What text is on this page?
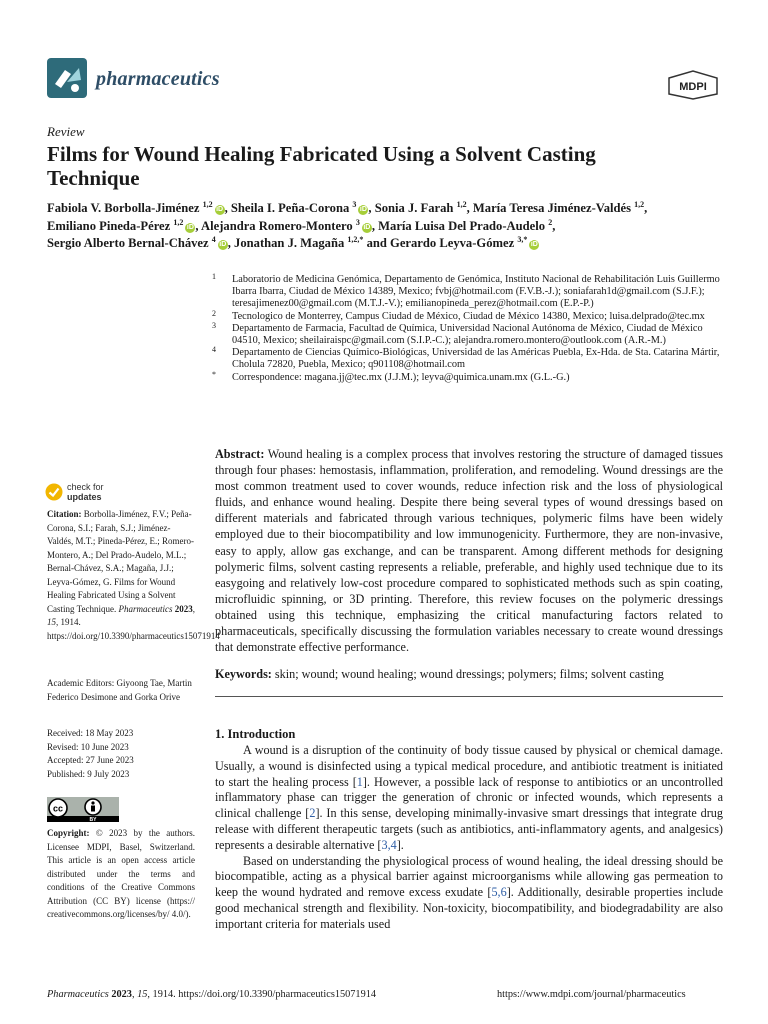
pharmaceutics	MDPI
Review
Films for Wound Healing Fabricated Using a Solvent Casting Technique
Fabiola V. Borbolla-Jiménez $^{1,2}$iD , Sheila I. Peña-Corona $^3$iD , Sonia J. Farah $^{1,2}$, María Teresa Jiménez-Valdés $^{1,2}$,
Emiliano Pineda-Pérez $^{1,2}$iD , Alejandra Romero-Montero $^3$iD , María Luisa Del Prado-Audelo $^2$,
Sergio Alberto Bernal-Chávez $^4$iD , Jonathan J. Magaña $^{1,2,*}$ and Gerardo Leyva-Gómez $^{3,*}$iD

1 Laboratorio de Medicina Genómica, Departamento de Genómica, Instituto Nacional de Rehabilitación Luis Guillermo Ibarra Ibarra, Ciudad de México 14389, Mexico; fvbj@hotmail.com (F.V.B.-J.); soniafarah1d@gmail.com (S.J.F.); teresajimenez00@gmail.com (M.T.J.-V.); emilianopineda_perez@hotmail.com (E.P.-P.)

2 Tecnologico de Monterrey, Campus Ciudad de México, Ciudad de México 14380, Mexico; luisa.delprado@tec.mx

3 Departamento de Farmacia, Facultad de Química, Universidad Nacional Autónoma de México, Ciudad de México 04510, Mexico; sheilairaispc@gmail.com (S.I.P.-C.); alejandra.romero.montero@outlook.com (A.R.-M.)

4 Departamento de Ciencias Químico-Biológicas, Universidad de las Américas Puebla, Ex-Hda. de Sta. Catarina Mártir, Cholula 72820, Puebla, Mexico; q901108@hotmail.com

* Correspondence: magana.jj@tec.mx (J.J.M.); leyva@quimica.unam.mx (G.L.-G.)

Abstract: Wound healing is a complex process that involves restoring the structure of damaged tissues through four phases: hemostasis, inflammation, proliferation, and remodeling. Wound dressings are the most common treatment used to cover wounds, reduce infection risk and the loss of physiological fluids, and enhance wound healing. Despite there being several types of wound dressings based on different materials and fabricated through various techniques, polymeric films have been widely employed due to their biocompatibility and low immunogenicity. Furthermore, they are non-invasive, easy to apply, allow gas exchange, and can be transparent. Among different methods for designing polymeric films, solvent casting represents a reliable, preferable, and highly used technique due to its easygoing and relatively low-cost procedure compared to sophisticated methods such as spin coating, microfluidic spinning, or 3D printing. Therefore, this review focuses on the polymeric dressings obtained using this technique, emphasizing the critical manufacturing factors related to pharmaceuticals, specifically discussing the formulation variables necessary to create wound dressings that demonstrate effective performance.
Keywords: skin; wound; wound healing; wound dressings; polymers; films; solvent casting
check for
updates
Citation: Borbolla-Jiménez, F.V.; Peña-Corona, S.I.; Farah, S.J.; Jiménez-Valdés, M.T.; Pineda-Pérez, E.; Romero-Montero, A.; Del Prado-Audelo, M.L.; Bernal-Chávez, S.A.; Magaña, J.J.; Leyva-Gómez, G. Films for Wound Healing Fabricated Using a Solvent Casting Technique. Pharmaceutics 2023, 15, 1914. https://doi.org/10.3390/pharmaceutics15071914
Academic Editors: Giyoong Tae, Martin Federico Desimone and Gorka Orive
Received: 18 May 2023
Revised: 10 June 2023
Accepted: 27 June 2023
Published: 9 July 2023
cc
BY
Copyright: © 2023 by the authors. Licensee MDPI, Basel, Switzerland. This article is an open access article distributed under the terms and conditions of the Creative Commons Attribution (CC BY) license (https:// creativecommons.org/licenses/by/ 4.0/).
1. Introduction

A wound is a disruption of the continuity of body tissue caused by physical or chemical damage. Usually, a wound is disinfected using a typical medical procedure, and antibiotic treatment is initiated to start the healing process [1]. However, a possible lack of response to antibiotics or an uncontrolled inflammatory phase can trigger the generation of chronic or infected wounds, which represents a clinical challenge [2]. In this sense, developing minimally-invasive smart dressings that integrate drug release with different therapeutic targets (such as antibiotics, anti-inflammatory agents, and analgesics) represents a desirable alternative [3,4].

Based on understanding the physiological process of wound healing, the ideal dressing should be biocompatible, acting as a physical barrier against microorganisms while allowing gas permeation to keep the wound hydrated and remove excess exudate [5,6]. Additionally, desirable properties include good mechanical strength and flexibility. Non-toxicity, biocompatibility, and biodegradability are also important criteria for materials used

Pharmaceutics 2023, 15, 1914. https://doi.org/10.3390/pharmaceutics15071914	https://www.mdpi.com/journal/pharmaceutics
